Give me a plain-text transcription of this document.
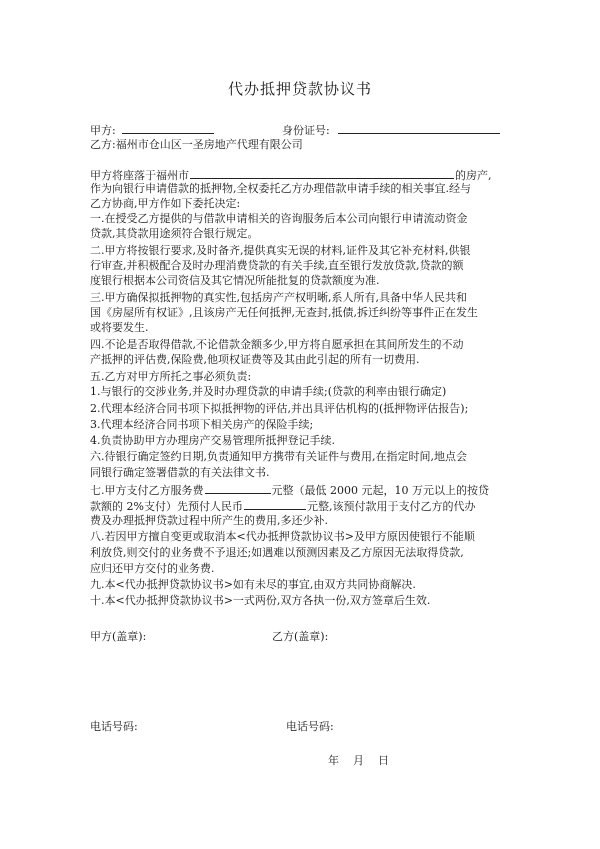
代办抵押贷款协议书
甲方:	身份证号:
乙方:福州市仓山区一圣房地产代理有限公司
甲方将座落于福州市	的房产,
作为向银行申请借款的抵押物,全权委托乙方办理借款申请手续的相关事宜.经与
乙方协商,甲方作如下委托决定:
一.在授受乙方提供的与借款申请相关的咨询服务后本公司向银行申请流动资金
贷款,其贷款用途须符合银行规定。
二.甲方将按银行要求,及时备齐,提供真实无误的材料,证件及其它补充材料,供银
行审查,并积极配合及时办理消费贷款的有关手续,直至银行发放贷款,贷款的额
度银行根据本公司资信及其它情况所能批复的贷款额度为准.
三.甲方确保拟抵押物的真实性,包括房产产权明晰,系人所有,具备中华人民共和
国《房屋所有权证》,且该房产无任何抵押,无查封,抵债,拆迁纠纷等事件正在发生
或将要发生.
四.不论是否取得借款,不论借款金额多少,甲方将自愿承担在其间所发生的不动
产抵押的评估费,保险费,他项权证费等及其由此引起的所有一切费用.
五.乙方对甲方所托之事必须负责:
1.与银行的交涉业务,并及时办理贷款的申请手续;(贷款的利率由银行确定)
2.代理本经济合同书项下拟抵押物的评估,并出具评估机构的(抵押物评估报告);
3.代理本经济合同书项下相关房产的保险手续;
4.负责协助甲方办理房产交易管理所抵押登记手续.
六.待银行确定签约日期,负责通知甲方携带有关证件与费用,在指定时间,地点会
同银行确定签署借款的有关法律文书.
七.甲方支付乙方服务费	元整（最低 2000 元起，10 万元以上的按贷
款额的 2%支付）先预付人民币	元整,该预付款用于支付乙方的代办
费及办理抵押贷款过程中所产生的费用,多还少补.
八.若因甲方擅自变更或取消本<代办抵押贷款协议书>及甲方原因使银行不能顺
利放贷,则交付的业务费不予退还;如遇难以预测因素及乙方原因无法取得贷款,
应归还甲方交付的业务费.
九.本<代办抵押贷款协议书>如有未尽的事宜,由双方共同协商解决.
十.本<代办抵押贷款协议书>一式两份,双方各执一份,双方签章后生效.
甲方(盖章):	乙方(盖章):
电话号码:	电话号码:
年    月    日
